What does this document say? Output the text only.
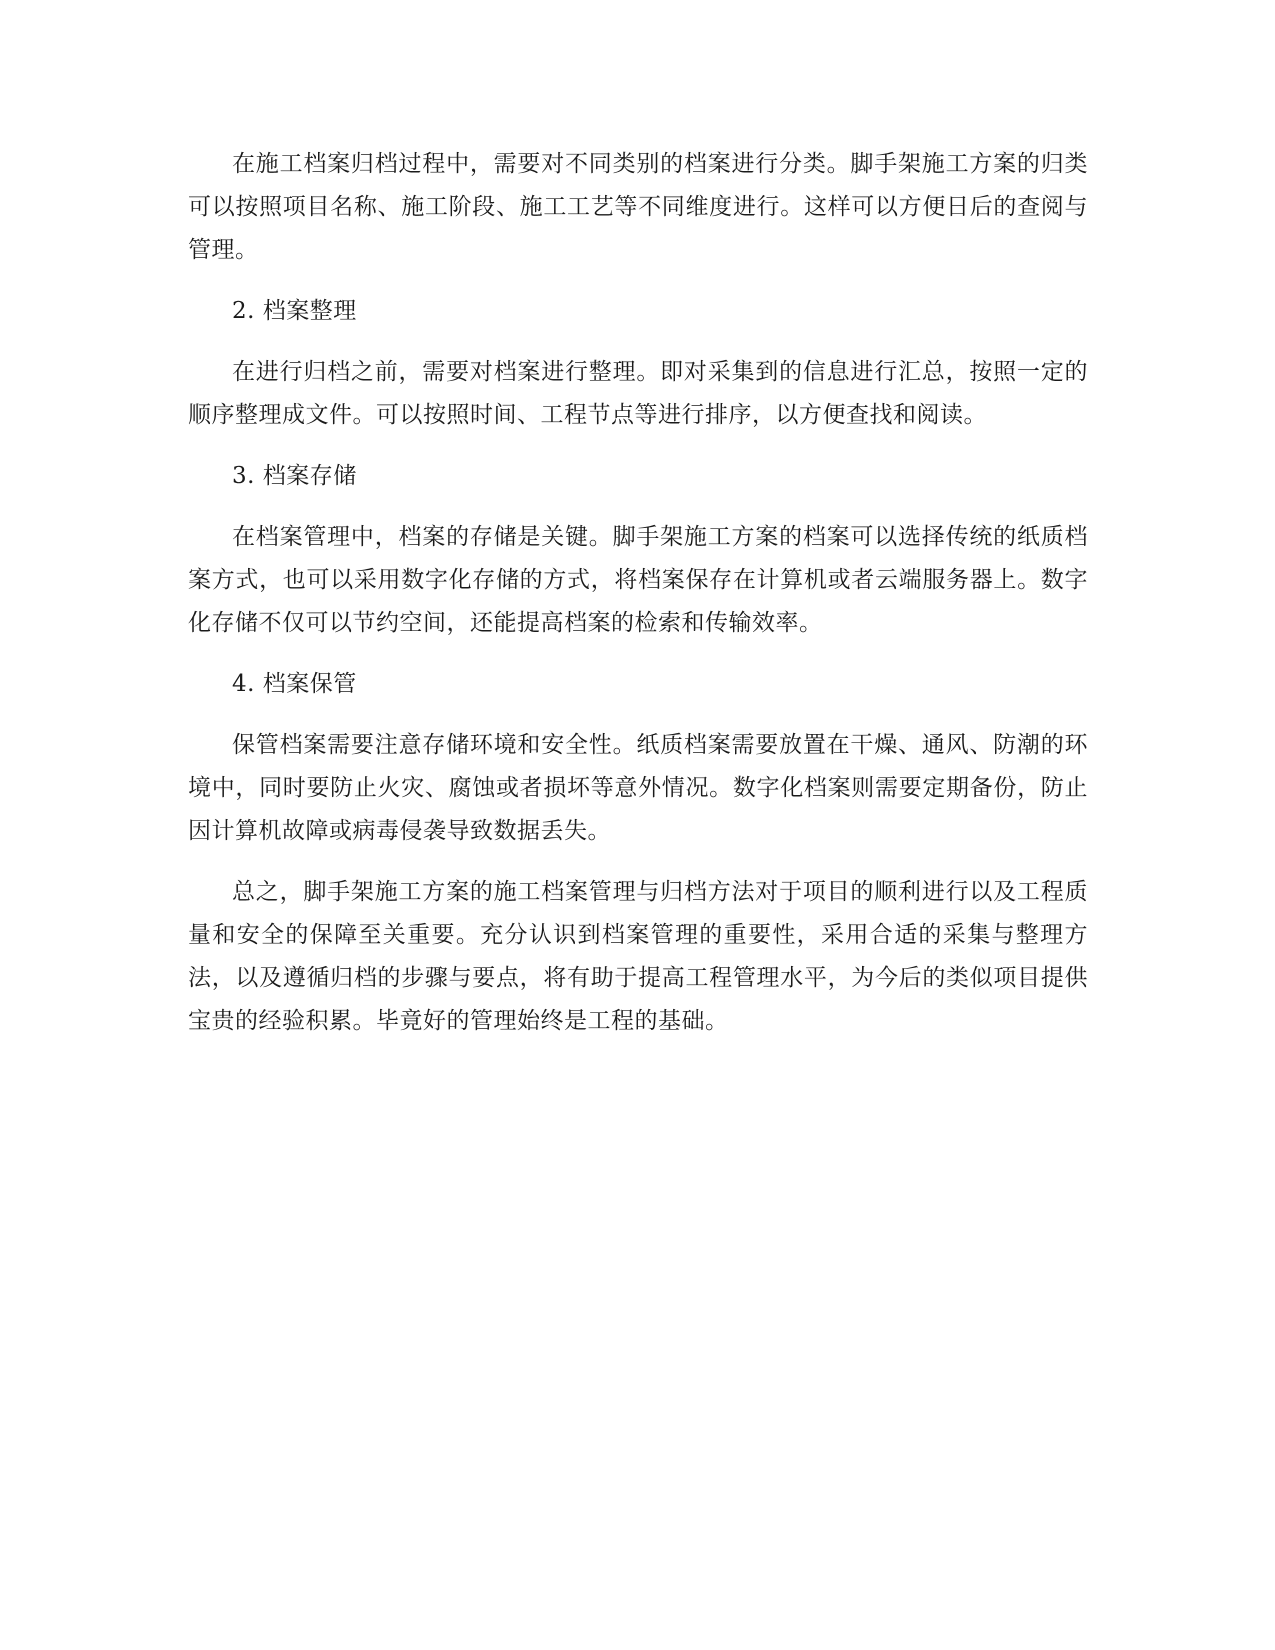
在施工档案归档过程中，需要对不同类别的档案进行分类。脚手架施工方案的归类可以按照项目名称、施工阶段、施工工艺等不同维度进行。这样可以方便日后的查阅与管理。

2. 档案整理

在进行归档之前，需要对档案进行整理。即对采集到的信息进行汇总，按照一定的顺序整理成文件。可以按照时间、工程节点等进行排序，以方便查找和阅读。

3. 档案存储

在档案管理中，档案的存储是关键。脚手架施工方案的档案可以选择传统的纸质档案方式，也可以采用数字化存储的方式，将档案保存在计算机或者云端服务器上。数字化存储不仅可以节约空间，还能提高档案的检索和传输效率。

4. 档案保管

保管档案需要注意存储环境和安全性。纸质档案需要放置在干燥、通风、防潮的环境中，同时要防止火灾、腐蚀或者损坏等意外情况。数字化档案则需要定期备份，防止因计算机故障或病毒侵袭导致数据丢失。

总之，脚手架施工方案的施工档案管理与归档方法对于项目的顺利进行以及工程质量和安全的保障至关重要。充分认识到档案管理的重要性，采用合适的采集与整理方法，以及遵循归档的步骤与要点，将有助于提高工程管理水平，为今后的类似项目提供宝贵的经验积累。毕竟好的管理始终是工程的基础。
